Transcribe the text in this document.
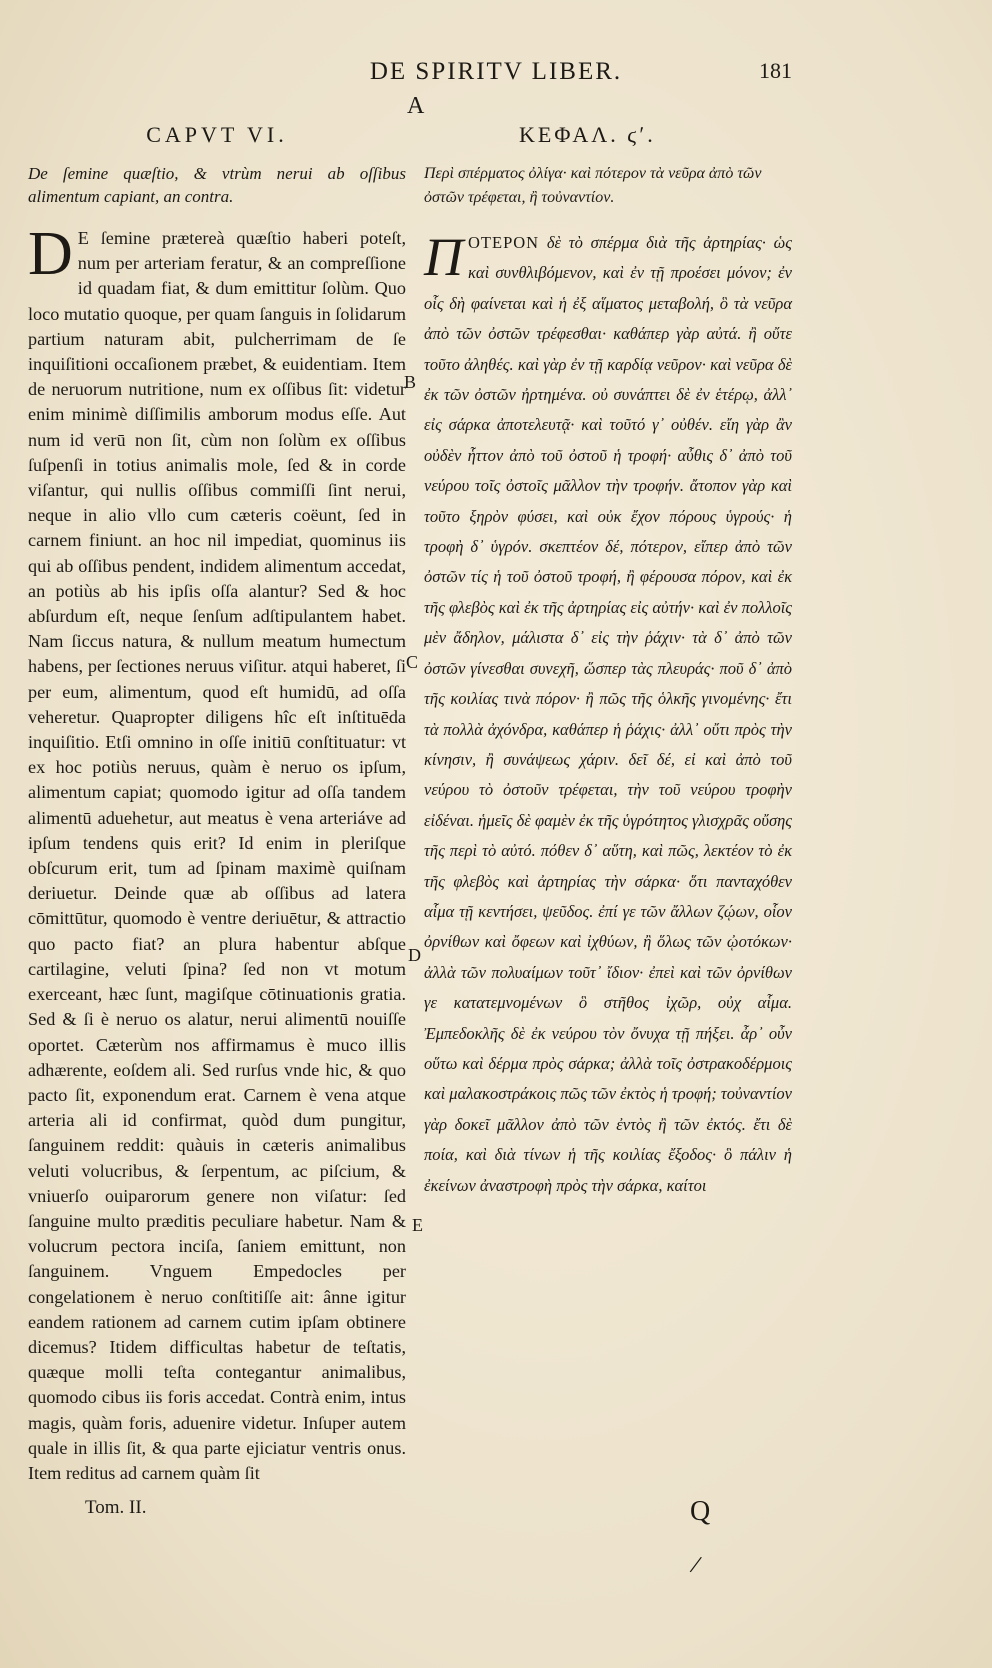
DE SPIRITV LIBER.	181
A
CAPVT VI.

De ſemine quæſtio, & vtrùm nerui ab oſſibus alimentum capiant, an contra.

D E ſemine prætereà quæſtio haberi poteſt, num per arteriam feratur, & an compreſſione id quadam fiat, & dum emittitur ſolùm. Quo loco mutatio quoque, per quam ſanguis in ſolidarum partium naturam abit, pulcherrimam de ſe inquiſitioni occaſionem præbet, & euidentiam. Item de neruorum nutritione, num ex oſſibus ſit: videtur enim minimè diſſimilis amborum modus eſſe. Aut num id verū non ſit, cùm non ſolùm ex oſſibus ſuſpenſi in totius animalis mole, ſed & in corde viſantur, qui nullis oſſibus commiſſi ſint nerui, neque in alio vllo cum cæteris coëunt, ſed in carnem finiunt. an hoc nil impediat, quominus iis qui ab oſſibus pendent, indidem alimentum accedat, an potiùs ab his ipſis oſſa alantur? Sed & hoc abſurdum eſt, neque ſenſum adſtipulantem habet. Nam ſiccus natura, & nullum meatum humectum habens, per ſectiones neruus viſitur. atqui haberet, ſi per eum, alimentum, quod eſt humidū, ad oſſa veheretur. Quapropter diligens hîc eſt inſtituēda inquiſitio. Etſi omnino in oſſe initiū conſtituatur: vt ex hoc potiùs neruus, quàm è neruo os ipſum, alimentum capiat; quomodo igitur ad oſſa tandem alimentū aduehetur, aut meatus è vena arteriáve ad ipſum tendens quis erit? Id enim in pleriſque obſcurum erit, tum ad ſpinam maximè quiſnam deriuetur. Deinde quæ ab oſſibus ad latera cōmittūtur, quomodo è ventre deriuētur, & attractio quo pacto fiat? an plura habentur abſque cartilagine, veluti ſpina? ſed non vt motum exerceant, hæc ſunt, magiſque cōtinuationis gratia. Sed & ſi è neruo os alatur, nerui alimentū nouiſſe oportet. Cæterùm nos affirmamus è muco illis adhærente, eoſdem ali. Sed rurſus vnde hic, & quo pacto ſit, exponendum erat. Carnem è vena atque arteria ali id confirmat, quòd dum pungitur, ſanguinem reddit: quàuis in cæteris animalibus veluti volucribus, & ſerpentum, ac piſcium, & vniuerſo ouiparorum genere non viſatur: ſed ſanguine multo præditis peculiare habetur. Nam & volucrum pectora inciſa, ſaniem emittunt, non ſanguinem. Vnguem Empedocles per congelationem è neruo conſtitiſſe ait: ânne igitur eandem rationem ad carnem cutim ipſam obtinere dicemus? Itidem difficultas habetur de teſtatis, quæque molli teſta contegantur animalibus, quomodo cibus iis foris accedat. Contrà enim, intus magis, quàm foris, aduenire videtur. Inſuper autem quale in illis ſit, & qua parte ejiciatur ventris onus. Item reditus ad carnem quàm ſit

ΚΕΦΑΛ. ϛʹ.

Περὶ σπέρματος ὀλίγα· καὶ πότερον τὰ νεῦρα ἀπὸ τῶν ὀστῶν τρέφεται, ἢ τοὐναντίον.

ΠΟΤΕΡΟΝ δὲ τὸ σπέρμα διὰ τῆς ἀρτηρίας· ὡς καὶ συνθλιβόμενον, καὶ ἐν τῇ προέσει μόνον; ἐν οἷς δὴ φαίνεται καὶ ἡ ἐξ αἵματος μεταβολή, ὃ τὰ νεῦρα ἀπὸ τῶν ὀστῶν τρέφεσθαι· καθάπερ γὰρ αὐτά. ἢ οὔτε τοῦτο ἀληθές. καὶ γὰρ ἐν τῇ καρδίᾳ νεῦρον· καὶ νεῦρα δὲ ἐκ τῶν ὀστῶν ἠρτημένα. οὐ συνάπτει δὲ ἐν ἑτέρῳ, ἀλλ᾽ εἰς σάρκα ἀποτελευτᾷ· καὶ τοῦτό γ᾽ οὐθέν. εἴη γὰρ ἂν οὐδὲν ἧττον ἀπὸ τοῦ ὀστοῦ ἡ τροφή· αὖθις δ᾽ ἀπὸ τοῦ νεύρου τοῖς ὀστοῖς μᾶλλον τὴν τροφήν. ἄτοπον γὰρ καὶ τοῦτο ξηρὸν φύσει, καὶ οὐκ ἔχον πόρους ὑγρούς· ἡ τροφὴ δ᾽ ὑγρόν. σκεπτέον δέ, πότερον, εἴπερ ἀπὸ τῶν ὀστῶν τίς ἡ τοῦ ὀστοῦ τροφή, ἢ φέρουσα πόρον, καὶ ἐκ τῆς φλεβὸς καὶ ἐκ τῆς ἀρτηρίας εἰς αὐτήν· καὶ ἐν πολλοῖς μὲν ἄδηλον, μάλιστα δ᾽ εἰς τὴν ῥάχιν· τὰ δ᾽ ἀπὸ τῶν ὀστῶν γίνεσθαι συνεχῆ, ὥσπερ τὰς πλευράς· ποῦ δ᾽ ἀπὸ τῆς κοιλίας τινὰ πόρον· ἢ πῶς τῆς ὁλκῆς γινομένης· ἔτι τὰ πολλὰ ἀχόνδρα, καθάπερ ἡ ῥάχις· ἀλλ᾽ οὔτι πρὸς τὴν κίνησιν, ἢ συνάψεως χάριν. δεῖ δέ, εἰ καὶ ἀπὸ τοῦ νεύρου τὸ ὀστοῦν τρέφεται, τὴν τοῦ νεύρου τροφὴν εἰδέναι. ἡμεῖς δὲ φαμὲν ἐκ τῆς ὑγρότητος γλισχρᾶς οὔσης τῆς περὶ τὸ αὐτό. πόθεν δ᾽ αὕτη, καὶ πῶς, λεκτέον τὸ ἐκ τῆς φλεβὸς καὶ ἀρτηρίας τὴν σάρκα· ὅτι πανταχόθεν αἷμα τῇ κεντήσει, ψεῦδος. ἐπί γε τῶν ἄλλων ζῴων, οἷον ὀρνίθων καὶ ὄφεων καὶ ἰχθύων, ἢ ὅλως τῶν ᾠοτόκων· ἀλλὰ τῶν πολυαίμων τοῦτ᾽ ἴδιον· ἐπεὶ καὶ τῶν ὀρνίθων γε κατατεμνομένων ὃ στῆθος ἰχῶρ, οὐχ αἷμα. Ἐμπεδοκλῆς δὲ ἐκ νεύρου τὸν ὄνυχα τῇ πήξει. ἆρ᾽ οὖν οὕτω καὶ δέρμα πρὸς σάρκα; ἀλλὰ τοῖς ὀστρακοδέρμοις καὶ μαλακοστράκοις πῶς τῶν ἐκτὸς ἡ τροφή; τοὐναντίον γὰρ δοκεῖ μᾶλλον ἀπὸ τῶν ἐντὸς ἢ τῶν ἐκτός. ἔτι δὲ ποία, καὶ διὰ τίνων ἡ τῆς κοιλίας ἔξοδος· ὃ πάλιν ἡ ἐκείνων ἀναστροφὴ πρὸς τὴν σάρκα, καίτοι

B
C
D
E
Tom. II.	Q
/
